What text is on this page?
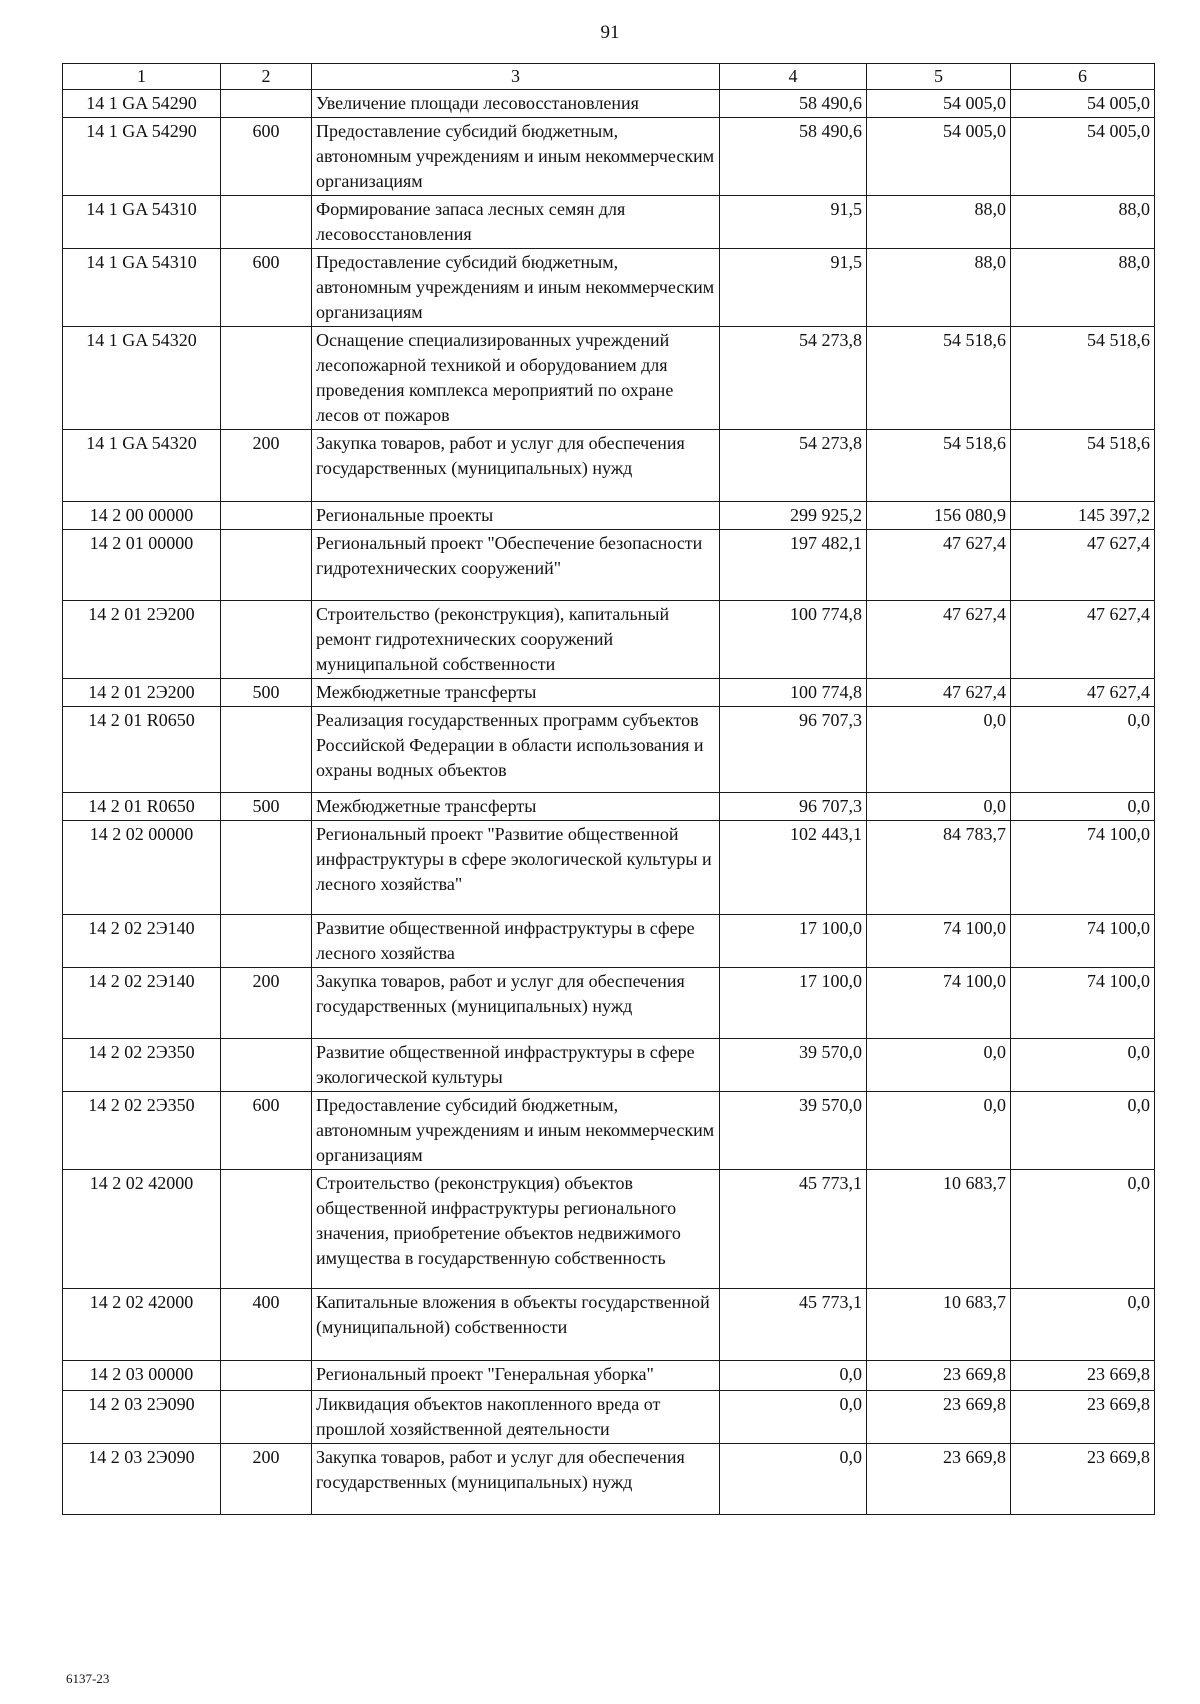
91
1	2	3	4	5	6
14 1 GA 54290		Увеличение площади лесовосстановления	58 490,6	54 005,0	54 005,0
14 1 GA 54290	600	Предоставление субсидий бюджетным, автономным учреждениям и иным некоммерческим организациям	58 490,6	54 005,0	54 005,0
14 1 GA 54310		Формирование запаса лесных семян для лесовосстановления	91,5	88,0	88,0
14 1 GA 54310	600	Предоставление субсидий бюджетным, автономным учреждениям и иным некоммерческим организациям	91,5	88,0	88,0
14 1 GA 54320		Оснащение специализированных учреждений лесопожарной техникой и оборудованием для проведения комплекса мероприятий по охране лесов от пожаров	54 273,8	54 518,6	54 518,6
14 1 GA 54320	200	Закупка товаров, работ и услуг для обеспечения государственных (муниципальных) нужд	54 273,8	54 518,6	54 518,6
14 2 00 00000		Региональные проекты	299 925,2	156 080,9	145 397,2
14 2 01 00000		Региональный проект "Обеспечение безопасности гидротехнических сооружений"	197 482,1	47 627,4	47 627,4
14 2 01 2Э200		Строительство (реконструкция), капитальный ремонт гидротехнических сооружений муниципальной собственности	100 774,8	47 627,4	47 627,4
14 2 01 2Э200	500	Межбюджетные трансферты	100 774,8	47 627,4	47 627,4
14 2 01 R0650		Реализация государственных программ субъектов Российской Федерации в области использования и охраны водных объектов	96 707,3	0,0	0,0
14 2 01 R0650	500	Межбюджетные трансферты	96 707,3	0,0	0,0
14 2 02 00000		Региональный проект "Развитие общественной инфраструктуры в сфере экологической культуры и лесного хозяйства"	102 443,1	84 783,7	74 100,0
14 2 02 2Э140		Развитие общественной инфраструктуры в сфере лесного хозяйства	17 100,0	74 100,0	74 100,0
14 2 02 2Э140	200	Закупка товаров, работ и услуг для обеспечения государственных (муниципальных) нужд	17 100,0	74 100,0	74 100,0
14 2 02 2Э350		Развитие общественной инфраструктуры в сфере экологической культуры	39 570,0	0,0	0,0
14 2 02 2Э350	600	Предоставление субсидий бюджетным, автономным учреждениям и иным некоммерческим организациям	39 570,0	0,0	0,0
14 2 02 42000		Строительство (реконструкция) объектов общественной инфраструктуры регионального значения, приобретение объектов недвижимого имущества в государственную собственность	45 773,1	10 683,7	0,0
14 2 02 42000	400	Капитальные вложения в объекты государственной (муниципальной) собственности	45 773,1	10 683,7	0,0
14 2 03 00000		Региональный проект "Генеральная уборка"	0,0	23 669,8	23 669,8
14 2 03 2Э090		Ликвидация объектов накопленного вреда от прошлой хозяйственной деятельности	0,0	23 669,8	23 669,8
14 2 03 2Э090	200	Закупка товаров, работ и услуг для обеспечения государственных (муниципальных) нужд	0,0	23 669,8	23 669,8
6137-23
